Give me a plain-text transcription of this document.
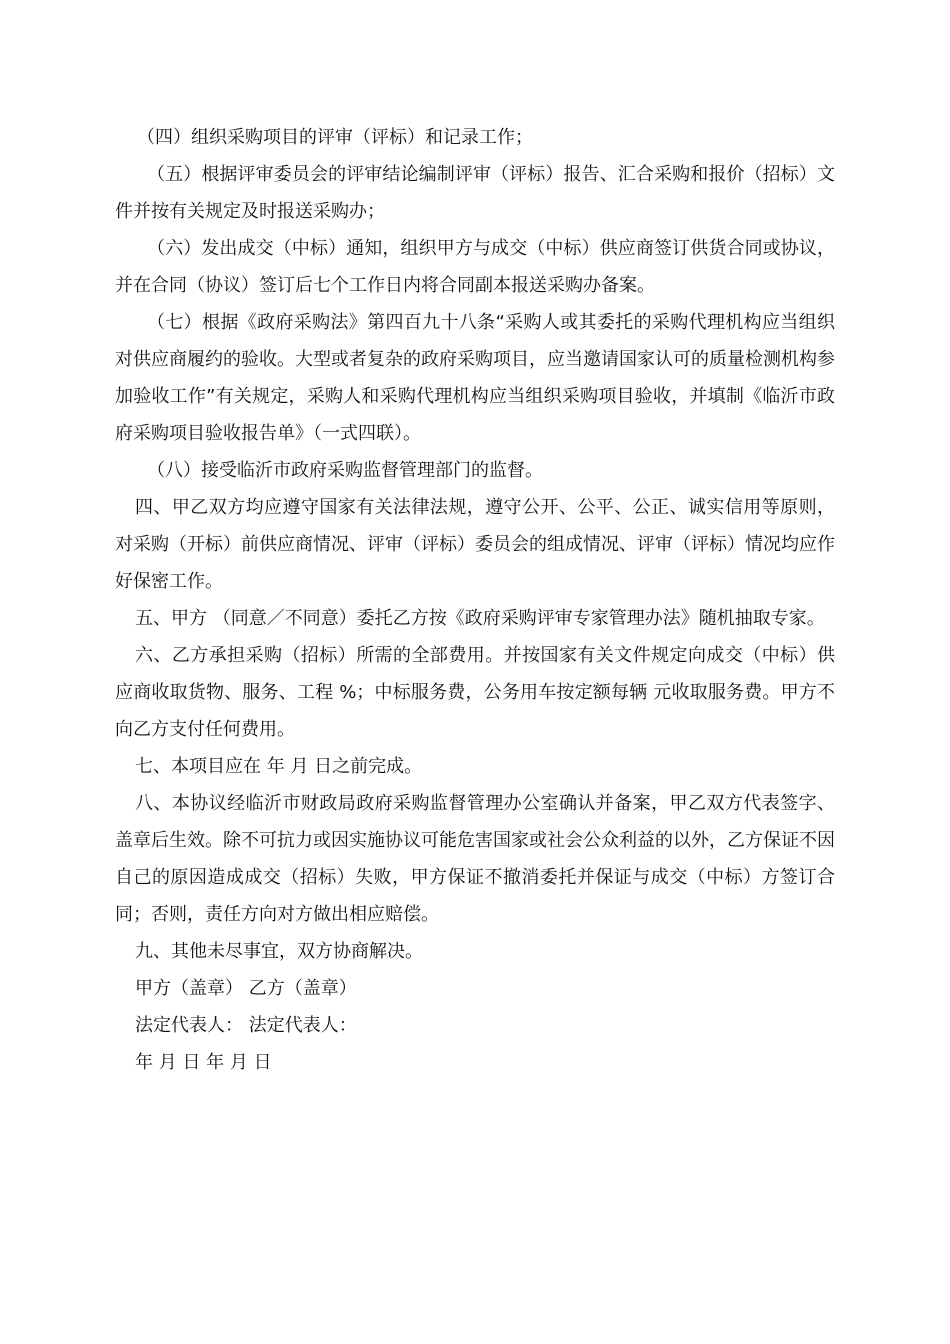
（四）组织采购项目的评审（评标）和记录工作；

（五）根据评审委员会的评审结论编制评审（评标）报告、汇合采购和报价（招标）文件并按有关规定及时报送采购办；

（六）发出成交（中标）通知，组织甲方与成交（中标）供应商签订供货合同或协议，并在合同（协议）签订后七个工作日内将合同副本报送采购办备案。

（七）根据《政府采购法》第四百九十八条“采购人或其委托的采购代理机构应当组织对供应商履约的验收。大型或者复杂的政府采购项目，应当邀请国家认可的质量检测机构参加验收工作”有关规定，采购人和采购代理机构应当组织采购项目验收，并填制《临沂市政府采购项目验收报告单》（一式四联）。

（八）接受临沂市政府采购监督管理部门的监督。

四、甲乙双方均应遵守国家有关法律法规，遵守公开、公平、公正、诚实信用等原则，对采购（开标）前供应商情况、评审（评标）委员会的组成情况、评审（评标）情况均应作好保密工作。

五、甲方 （同意／不同意）委托乙方按《政府采购评审专家管理办法》随机抽取专家。

六、乙方承担采购（招标）所需的全部费用。并按国家有关文件规定向成交（中标）供应商收取货物、服务、工程 %；中标服务费，公务用车按定额每辆 元收取服务费。甲方不向乙方支付任何费用。

七、本项目应在 年 月 日之前完成。

八、本协议经临沂市财政局政府采购监督管理办公室确认并备案，甲乙双方代表签字、盖章后生效。除不可抗力或因实施协议可能危害国家或社会公众利益的以外，乙方保证不因自己的原因造成成交（招标）失败，甲方保证不撤消委托并保证与成交（中标）方签订合同；否则，责任方向对方做出相应赔偿。

九、其他未尽事宜，双方协商解决。

甲方（盖章） 乙方（盖章）

法定代表人： 法定代表人：

年 月 日 年 月 日
